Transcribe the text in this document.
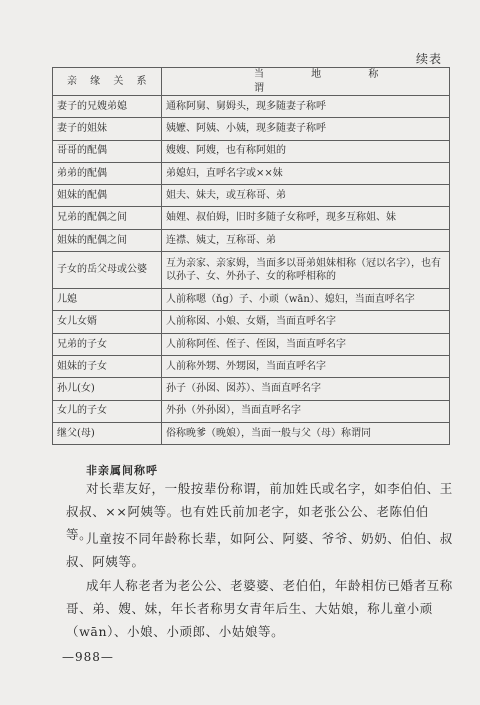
续表
亲 缘 关 系	当 地 称 谓
妻子的兄嫂弟媳	通称阿舅、舅姆头，现多随妻子称呼
妻子的姐妹	姨嬷、阿姨、小姨，现多随妻子称呼
哥哥的配偶	嫂嫂、阿嫂，也有称阿姐的
弟弟的配偶	弟媳妇，直呼名字或××妹
姐妹的配偶	姐夫、妹夫，或互称哥、弟
兄弟的配偶之间	妯娌、叔伯姆，旧时多随子女称呼，现多互称姐、妹
姐妹的配偶之间	连襟、姨丈，互称哥、弟
子女的岳父母或公婆	互为亲家、亲家姆，当面多以哥弟姐妹相称（冠以名字），也有以孙子、女、外孙子、女的称呼相称的
儿媳	人前称嗯（ňg）子、小顽（wān）、媳妇，当面直呼名字
女儿女婿	人前称囡、小娘、女婿，当面直呼名字
兄弟的子女	人前称阿侄、侄子、侄囡，当面直呼名字
姐妹的子女	人前称外甥、外甥囡，当面直呼名字
孙儿(女)	孙子（孙囡、囡苏）、当面直呼名字
女儿的子女	外孙（外孙囡），当面直呼名字
继父(母)	俗称晚爹（晚娘），当面一般与父（母）称谓同
非亲属间称呼

对长辈友好，一般按辈份称谓，前加姓氏或名字，如李伯伯、王叔叔、××阿姨等。也有姓氏前加老字，如老张公公、老陈伯伯等。

儿童按不同年龄称长辈，如阿公、阿婆、爷爷、奶奶、伯伯、叔叔、阿姨等。

成年人称老者为老公公、老婆婆、老伯伯，年龄相仿已婚者互称哥、弟、嫂、妹，年长者称男女青年后生、大姑娘，称儿童小顽（wān）、小娘、小顽郎、小姑娘等。

—988—
